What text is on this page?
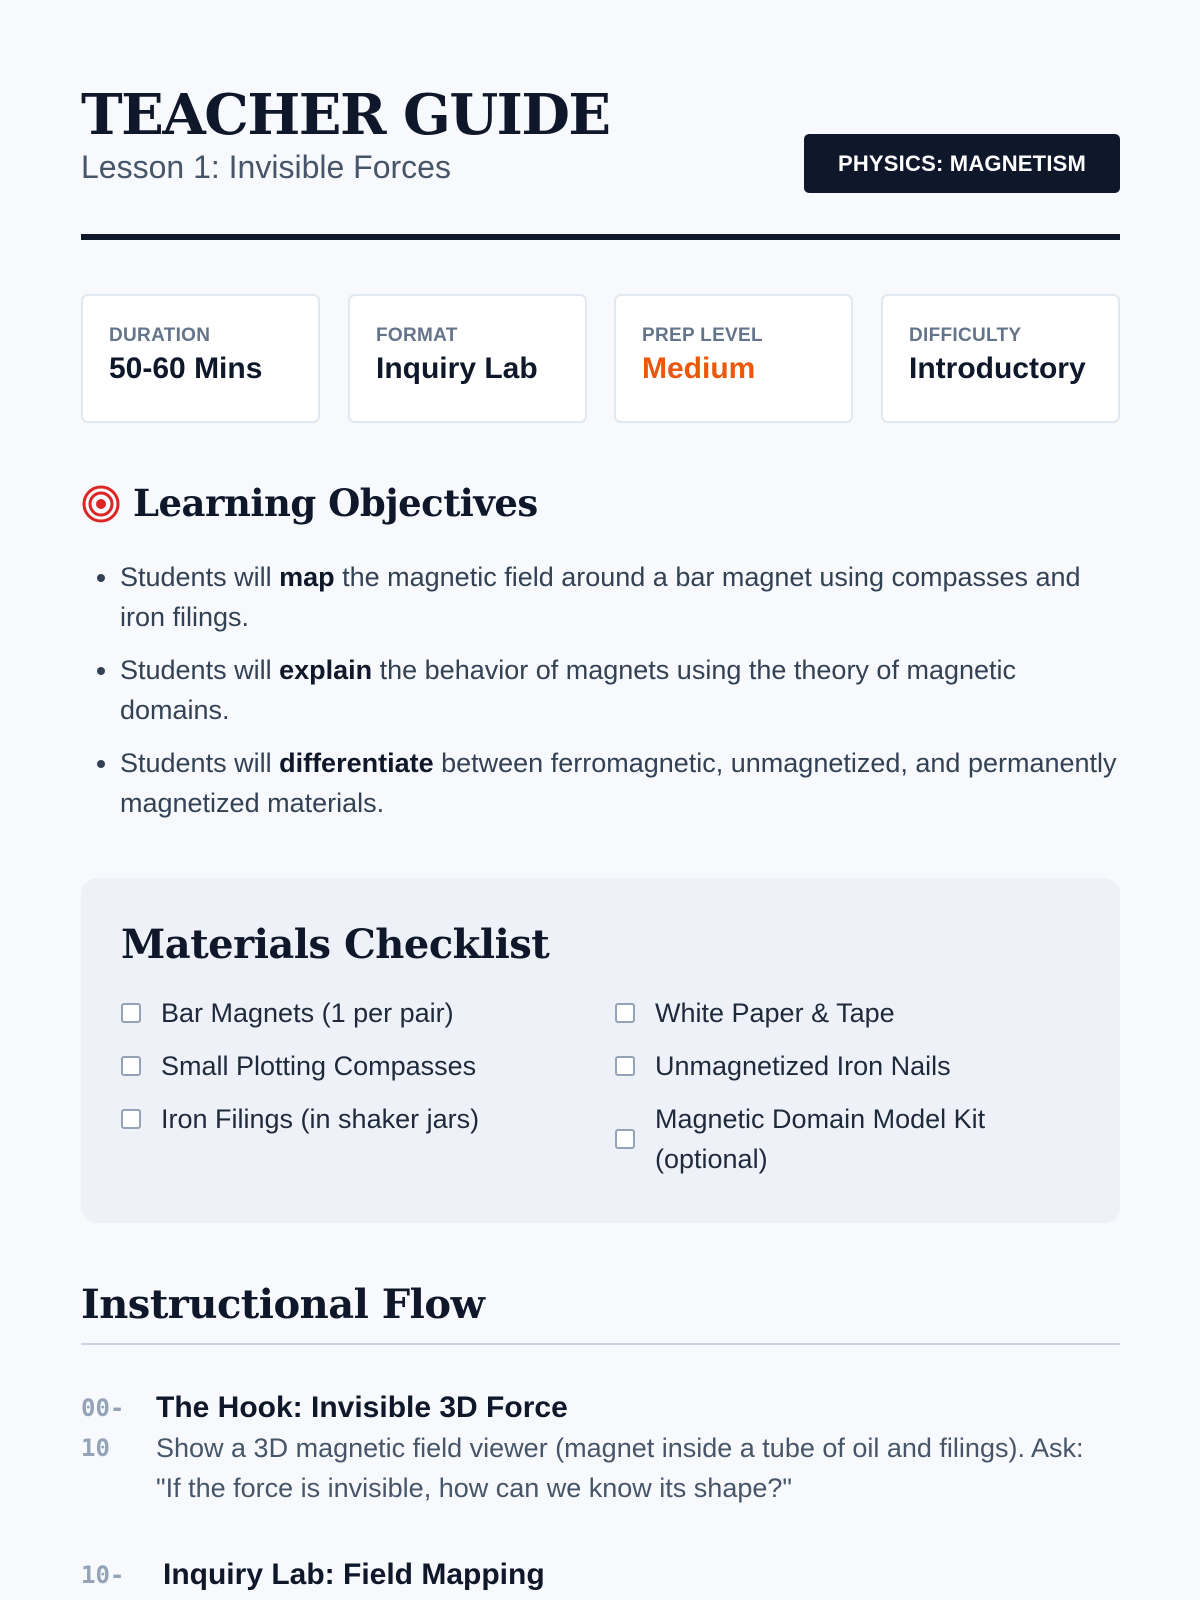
TEACHER GUIDE
Lesson 1: Invisible Forces	PHYSICS: MAGNETISM
DURATION
50-60 Mins
FORMAT
Inquiry Lab
PREP LEVEL
Medium
DIFFICULTY
Introductory
Learning Objectives
• Students will map the magnetic field around a bar magnet using compasses and iron filings.
• Students will explain the behavior of magnets using the theory of magnetic domains.
• Students will differentiate between ferromagnetic, unmagnetized, and permanently magnetized materials.
Materials Checklist
Bar Magnets (1 per pair)
Small Plotting Compasses
Iron Filings (in shaker jars)
White Paper & Tape
Unmagnetized Iron Nails
Magnetic Domain Model Kit (optional)
Instructional Flow
00-10
The Hook: Invisible 3D Force
Show a 3D magnetic field viewer (magnet inside a tube of oil and filings). Ask: "If the force is invisible, how can we know its shape?"
10-	Inquiry Lab: Field Mapping
